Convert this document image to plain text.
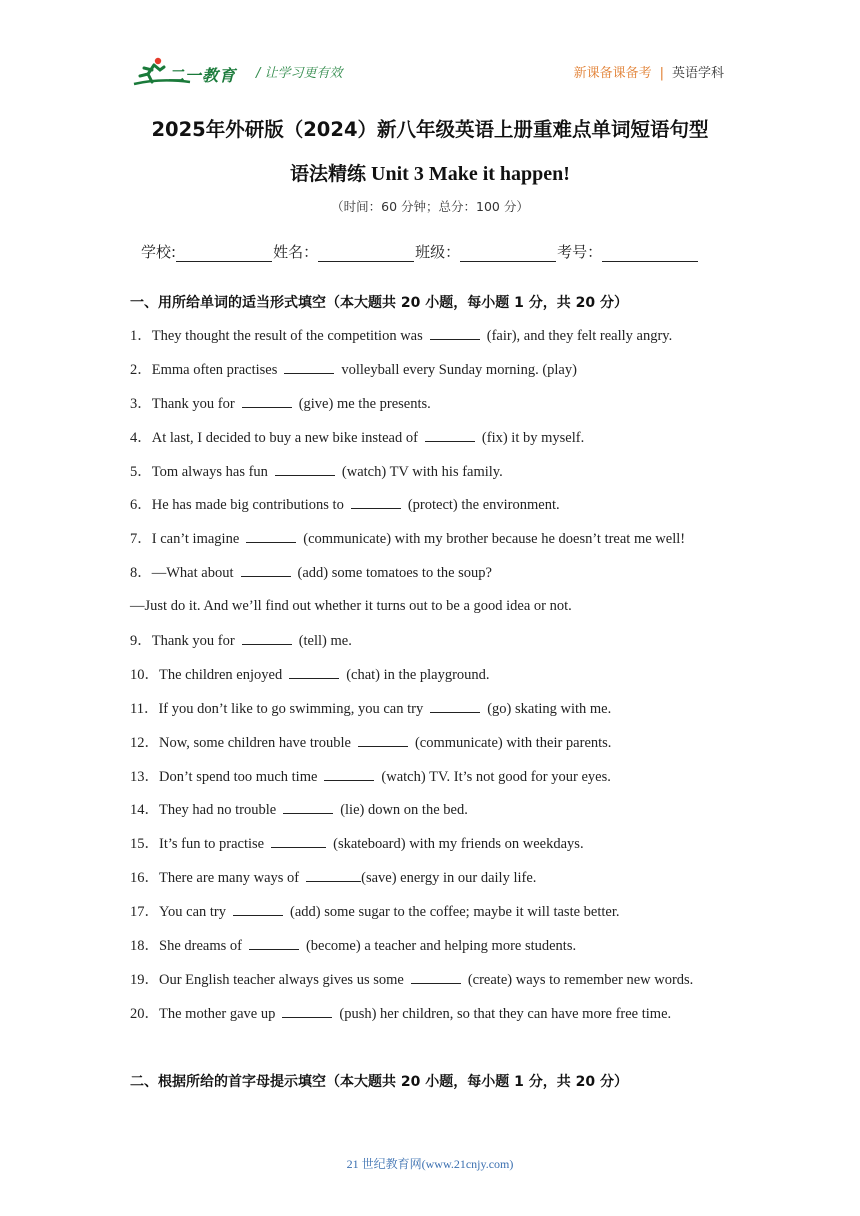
二一教育 / 让学习更有效	新课备课备考 | 英语学科
2025年外研版（2024）新八年级英语上册重难点单词短语句型
语法精练 Unit 3 Make it happen!
（时间：60 分钟；总分：100 分）
学校:	姓名：	班级：	考号：
一、用所给单词的适当形式填空（本大题共 20 小题，每小题 1 分，共 20 分）
1．They thought the result of the competition was	(fair), and they felt really angry.
2．Emma often practises	volleyball every Sunday morning. (play)
3．Thank you for	(give) me the presents.
4．At last, I decided to buy a new bike instead of	(fix) it by myself.
5．Tom always has fun	(watch) TV with his family.
6．He has made big contributions to	(protect) the environment.
7．I can’t imagine	(communicate) with my brother because he doesn’t treat me well!
8．—What about	(add) some tomatoes to the soup?
—Just do it. And we’ll find out whether it turns out to be a good idea or not.
9．Thank you for	(tell) me.
10．The children enjoyed	(chat) in the playground.
11．If you don’t like to go swimming, you can try	(go) skating with me.
12．Now, some children have trouble	(communicate) with their parents.
13．Don’t spend too much time	(watch) TV. It’s not good for your eyes.
14．They had no trouble	(lie) down on the bed.
15．It’s fun to practise	(skateboard) with my friends on weekdays.
16．There are many ways of	(save) energy in our daily life.
17．You can try	(add) some sugar to the coffee; maybe it will taste better.
18．She dreams of	(become) a teacher and helping more students.
19．Our English teacher always gives us some	(create) ways to remember new words.
20．The mother gave up	(push) her children, so that they can have more free time.
二、根据所给的首字母提示填空（本大题共 20 小题，每小题 1 分，共 20 分）
21 世纪教育网(www.21cnjy.com)
